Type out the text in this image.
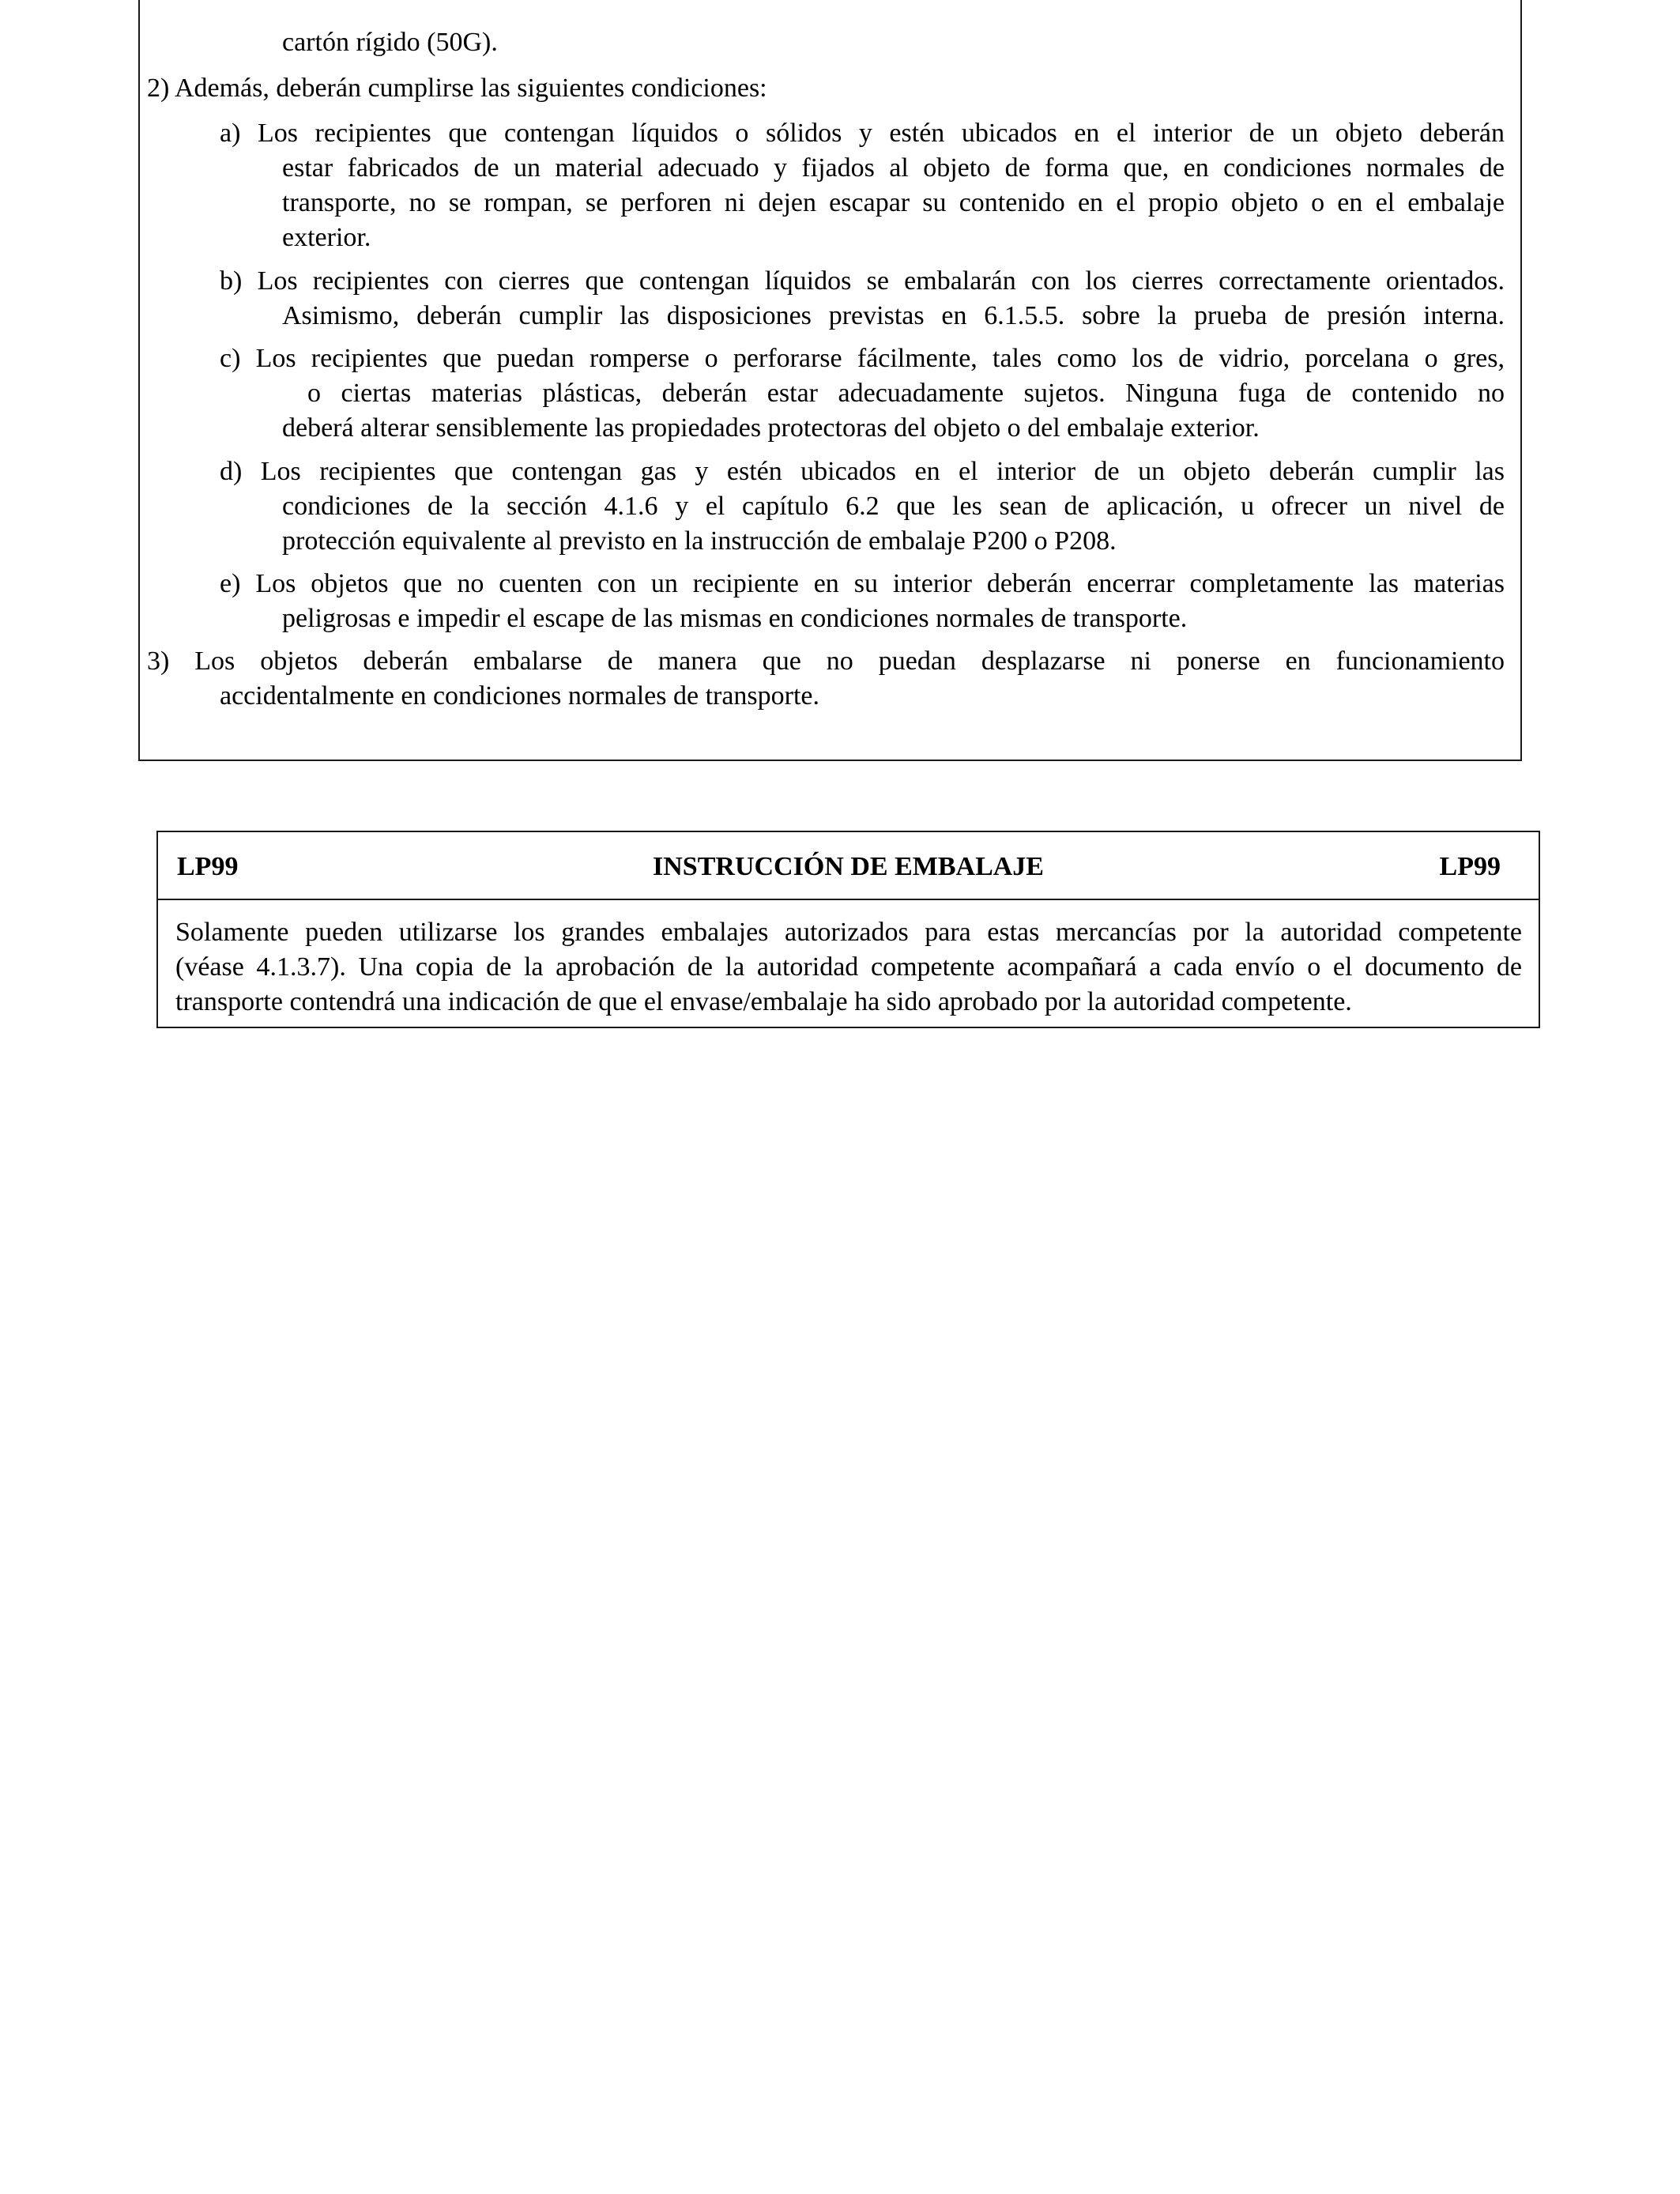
cartón rígido (50G).
2) Además, deberán cumplirse las siguientes condiciones:
a) Los recipientes que contengan líquidos o sólidos y estén ubicados en el interior de un objeto deberán
estar fabricados de un material adecuado y fijados al objeto de forma que, en condiciones normales de
transporte, no se rompan, se perforen ni dejen escapar su contenido en el propio objeto o en el embalaje
exterior.
b) Los recipientes con cierres que contengan líquidos se embalarán con los cierres correctamente orientados.
Asimismo, deberán cumplir las disposiciones previstas en 6.1.5.5. sobre la prueba de presión interna.
c) Los recipientes que puedan romperse o perforarse fácilmente, tales como los de vidrio, porcelana o gres,
o ciertas materias plásticas, deberán estar adecuadamente sujetos. Ninguna fuga de contenido no
deberá alterar sensiblemente las propiedades protectoras del objeto o del embalaje exterior.
d) Los recipientes que contengan gas y estén ubicados en el interior de un objeto deberán cumplir las
condiciones de la sección 4.1.6 y el capítulo 6.2 que les sean de aplicación, u ofrecer un nivel de
protección equivalente al previsto en la instrucción de embalaje P200 o P208.
e) Los objetos que no cuenten con un recipiente en su interior deberán encerrar completamente las materias
peligrosas e impedir el escape de las mismas en condiciones normales de transporte.
3) Los objetos deberán embalarse de manera que no puedan desplazarse ni ponerse en funcionamiento
accidentalmente en condiciones normales de transporte.
LP99	INSTRUCCIÓN DE EMBALAJE	LP99
Solamente pueden utilizarse los grandes embalajes autorizados para estas mercancías por la autoridad competente
(véase 4.1.3.7). Una copia de la aprobación de la autoridad competente acompañará a cada envío o el documento de
transporte contendrá una indicación de que el envase/embalaje ha sido aprobado por la autoridad competente.
